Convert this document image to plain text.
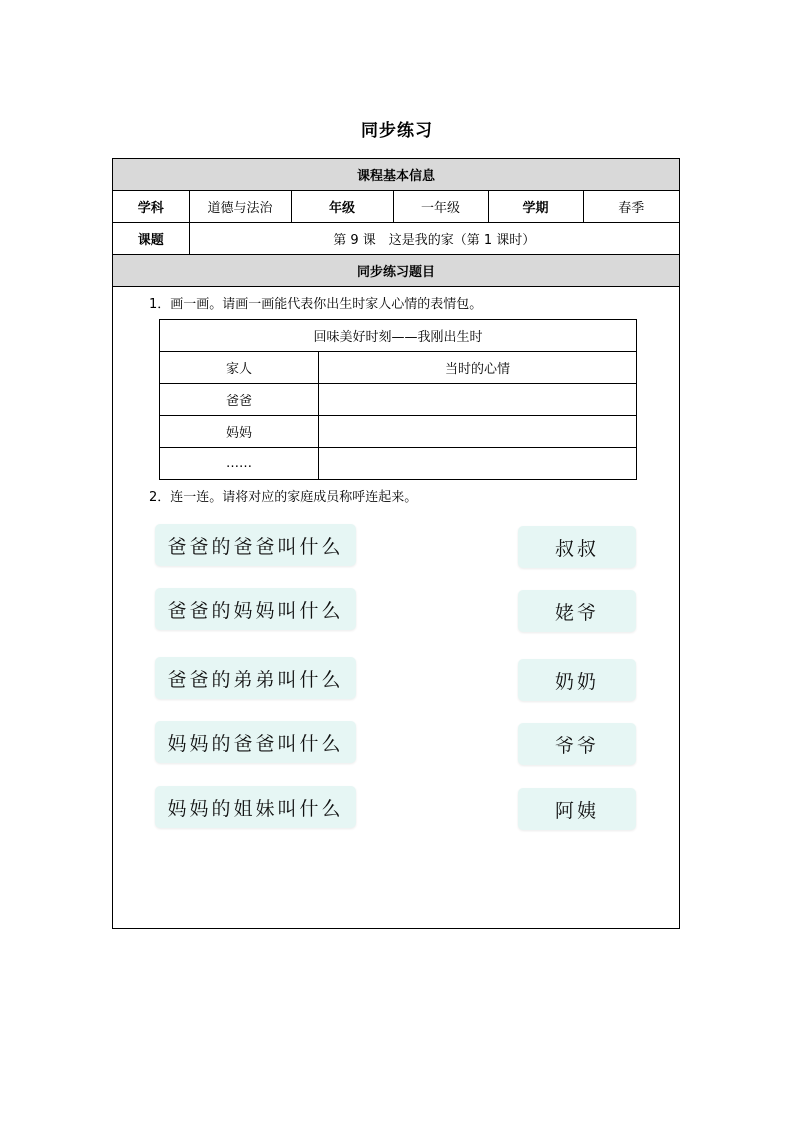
同步练习
课程基本信息					
学科	道德与法治	年级	一年级	学期	春季
课题	第 9 课　这是我的家（第 1 课时）				
同步练习题目					
1．画一画。请画一画能代表你出生时家人心情的表情包。
回味美好时刻——我刚出生时	
家人	当时的心情
爸爸	
妈妈	
……	
2．连一连。请将对应的家庭成员称呼连起来。
爸爸的爸爸叫什么
爸爸的妈妈叫什么
爸爸的弟弟叫什么
妈妈的爸爸叫什么
妈妈的姐妹叫什么
叔叔
姥爷
奶奶
爷爷
阿姨
